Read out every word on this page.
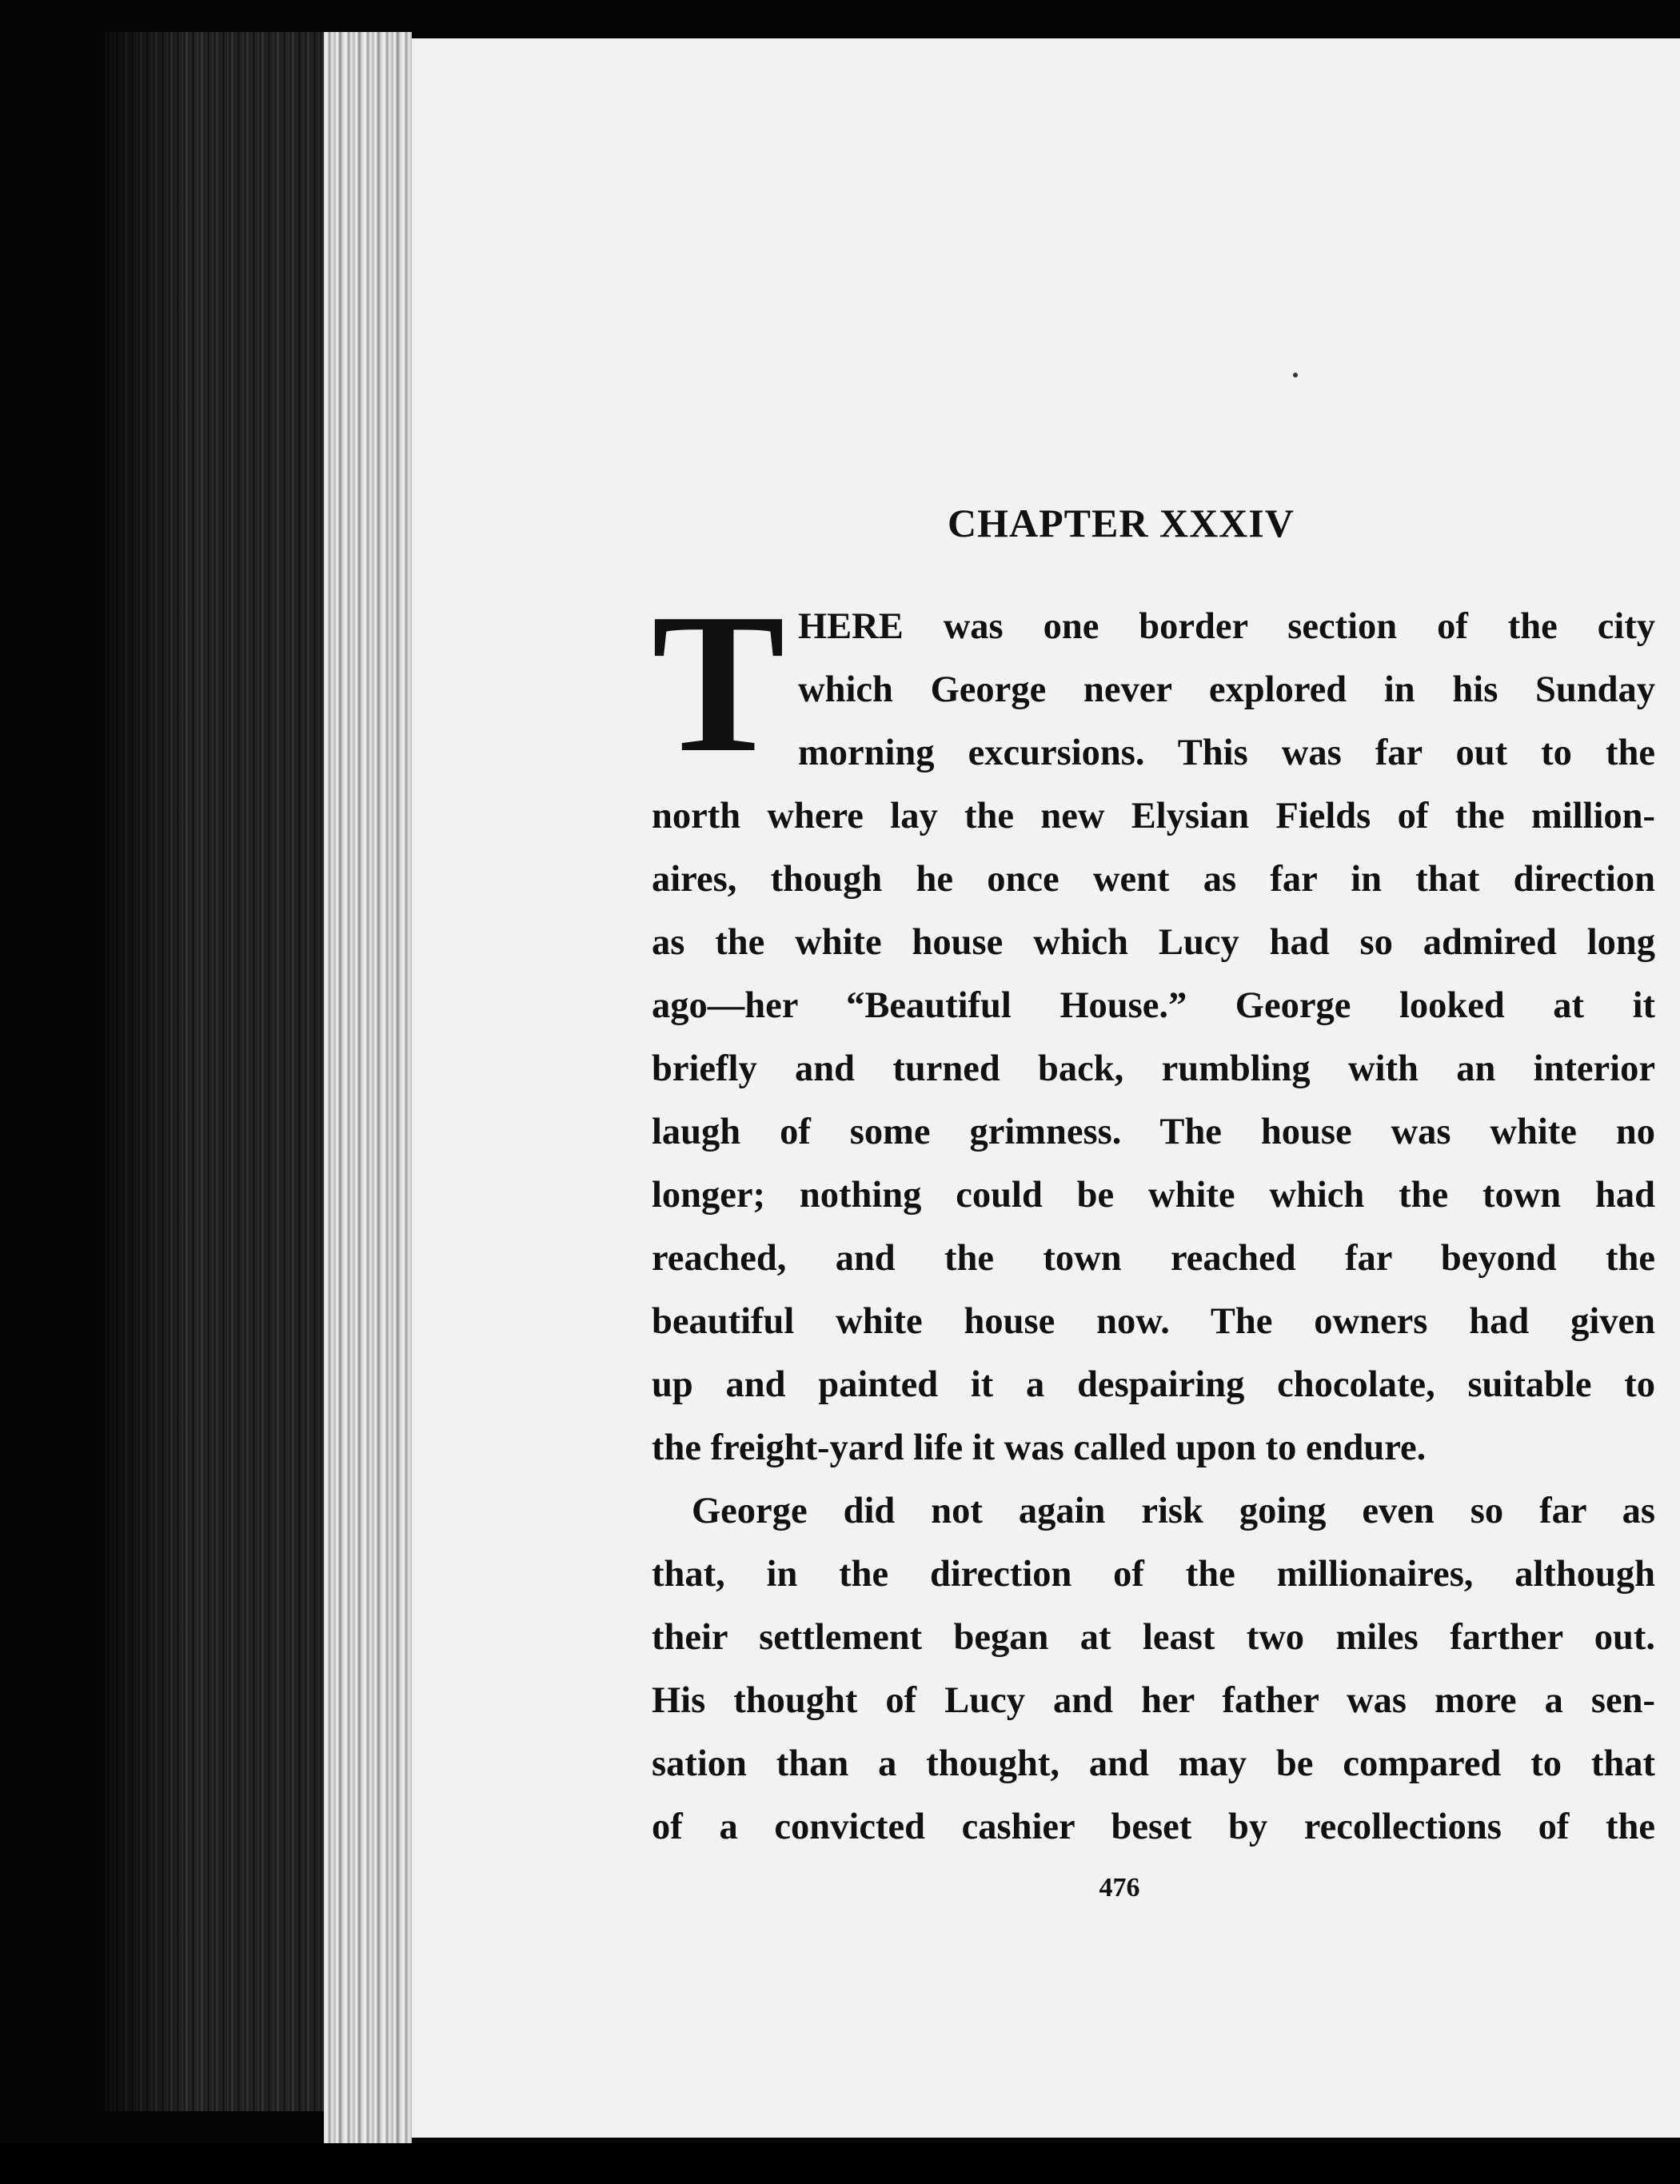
CHAPTER XXXIV
T HERE was one border section of the city
which George never explored in his Sunday
morning excursions. This was far out to the
north where lay the new Elysian Fields of the million-
aires, though he once went as far in that direction
as the white house which Lucy had so admired long
ago—her “Beautiful House.” George looked at it
briefly and turned back, rumbling with an interior
laugh of some grimness. The house was white no
longer; nothing could be white which the town had
reached, and the town reached far beyond the
beautiful white house now. The owners had given
up and painted it a despairing chocolate, suitable to
the freight-yard life it was called upon to endure.
George did not again risk going even so far as
that, in the direction of the millionaires, although
their settlement began at least two miles farther out.
His thought of Lucy and her father was more a sen-
sation than a thought, and may be compared to that
of a convicted cashier beset by recollections of the
476
